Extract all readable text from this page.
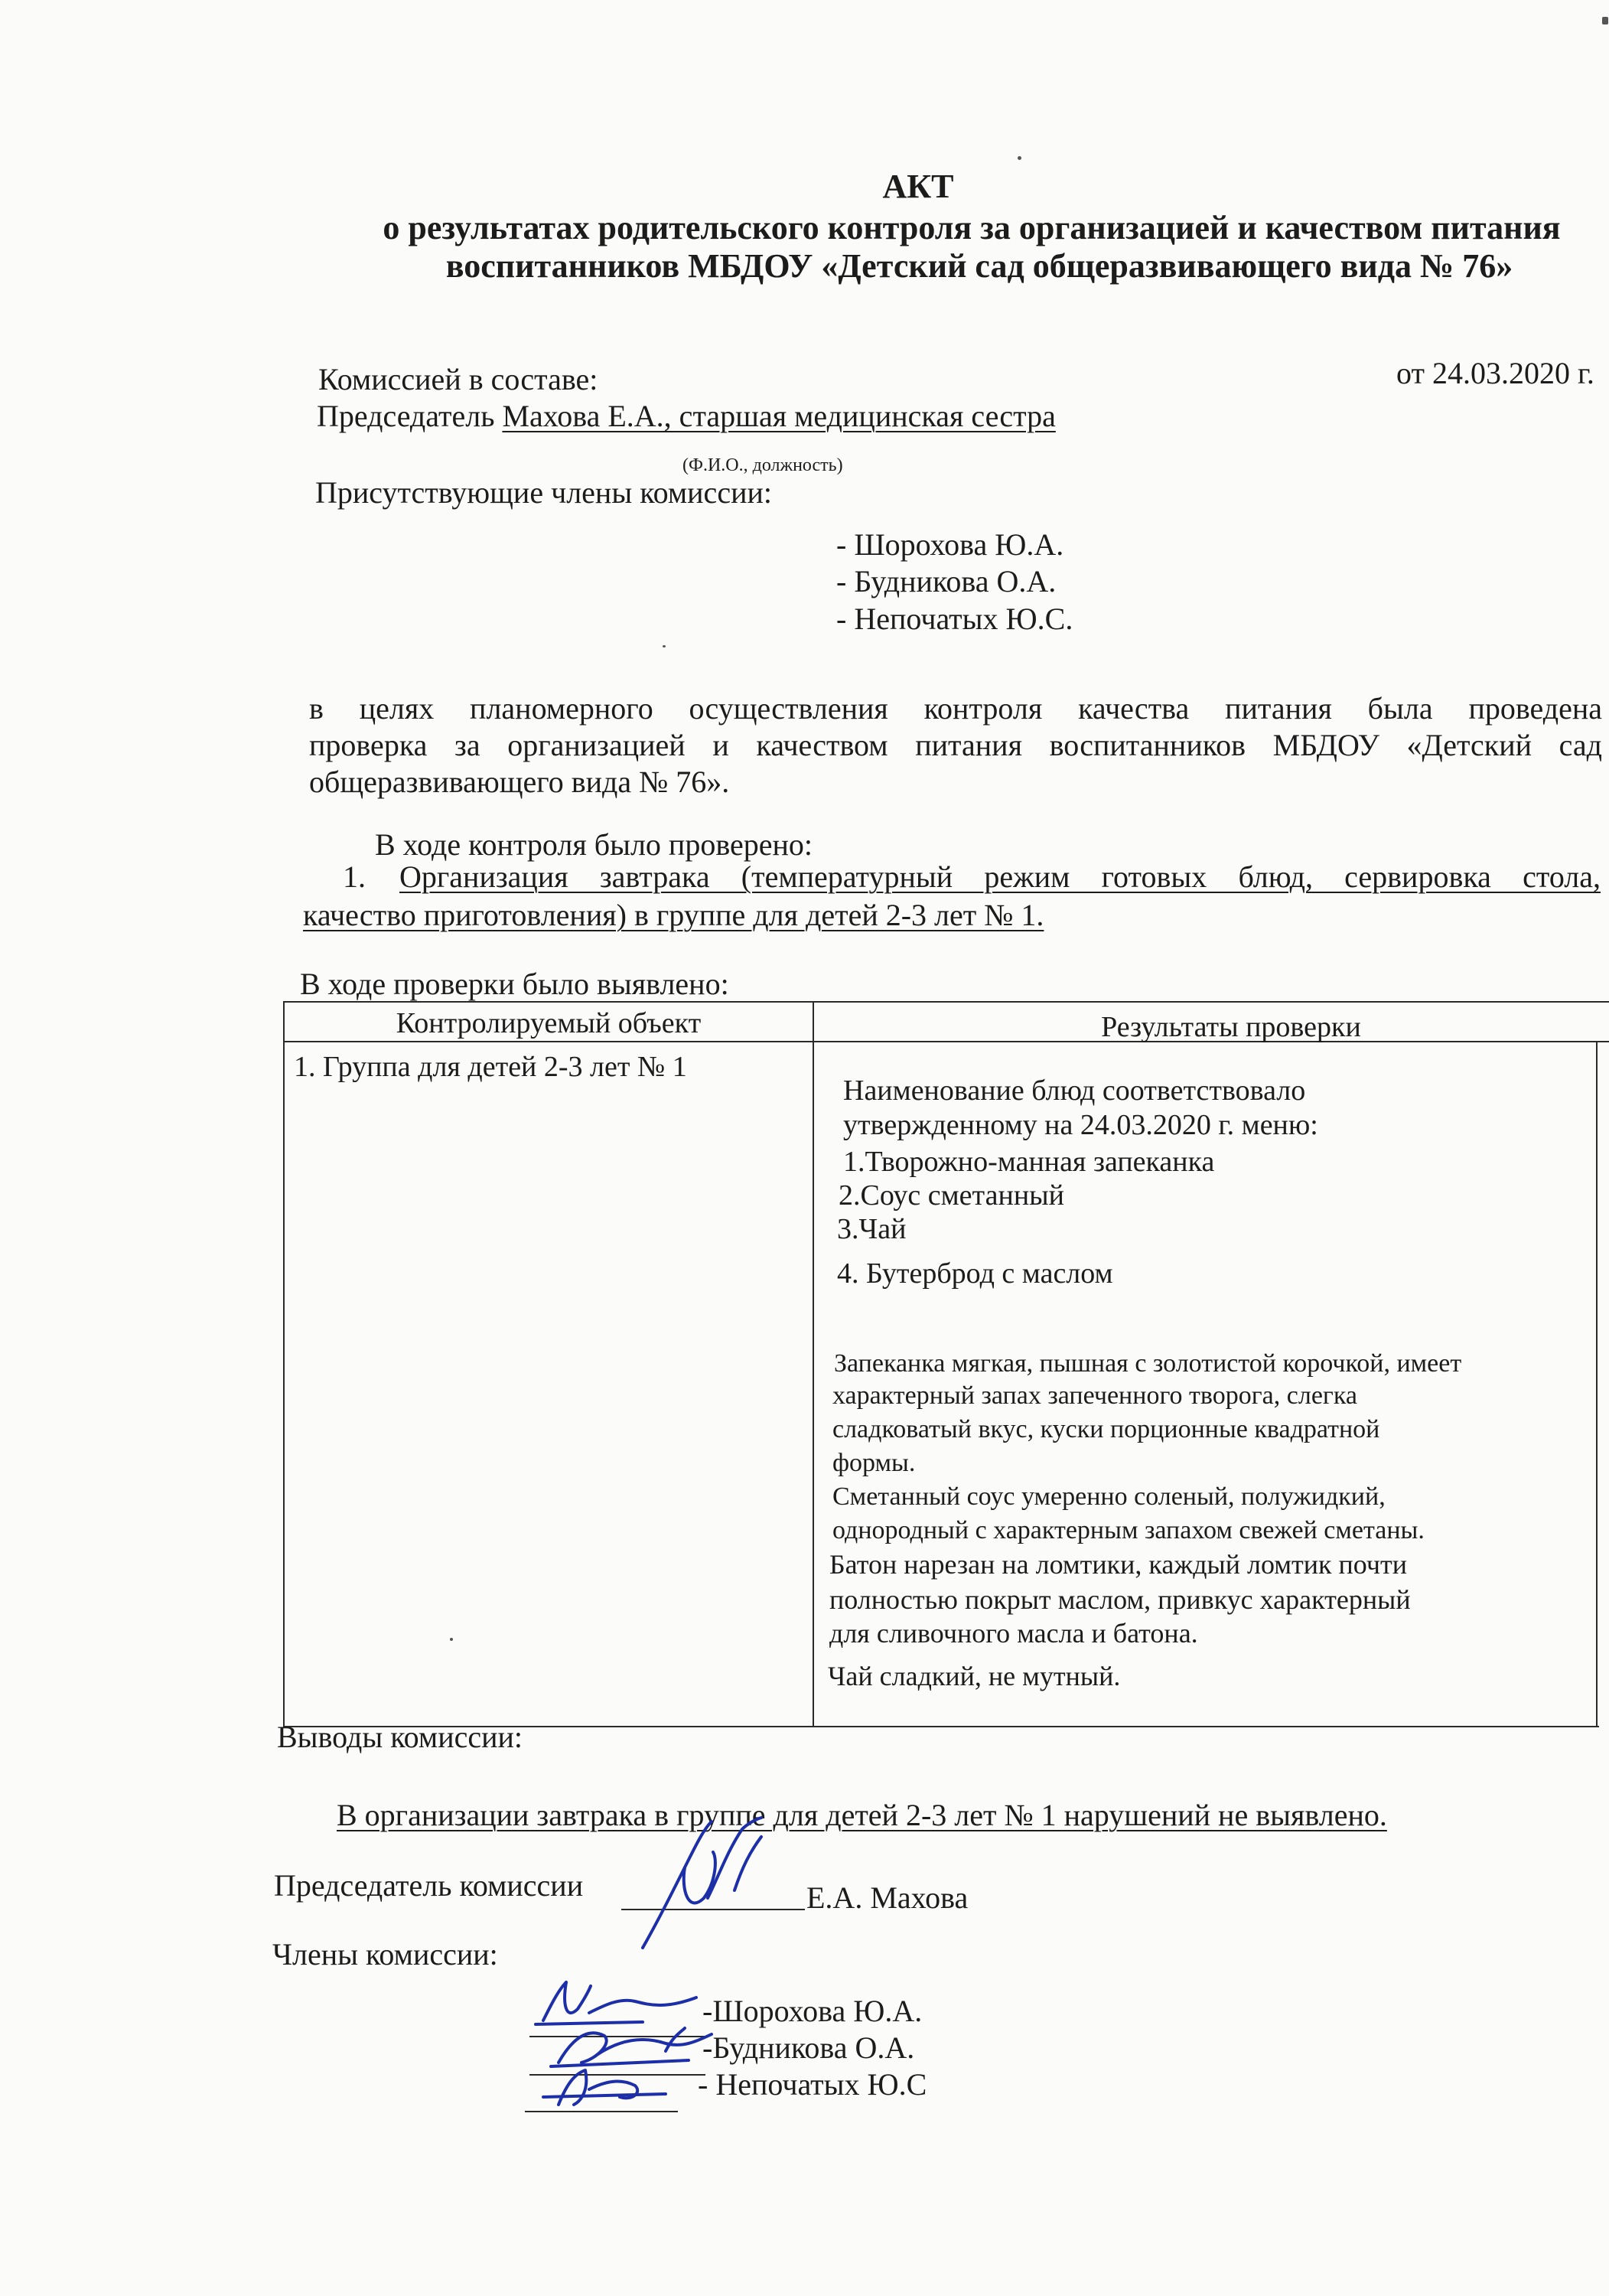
АКТ
о результатах родительского контроля за организацией и качеством питания
воспитанников МБДОУ «Детский сад общеразвивающего вида № 76»
Комиссией в составе:	от 24.03.2020 г.
Председатель Махова Е.А., старшая медицинская сестра
(Ф.И.О., должность)
Присутствующие члены комиссии:
- Шорохова Ю.А.
- Будникова О.А.
- Непочатых Ю.С.
в целях планомерного осуществления контроля качества питания была проведена
проверка за организацией и качеством питания воспитанников МБДОУ «Детский сад
общеразвивающего вида № 76».
В ходе контроля было проверено:
1. Организация завтрака (температурный режим готовых блюд, сервировка стола,
качество приготовления) в группе для детей 2-3 лет № 1.
В ходе проверки было выявлено:
Контролируемый объект	Результаты проверки
1. Группа для детей 2-3 лет № 1
Наименование блюд соответствовало
утвержденному на 24.03.2020 г. меню:
1.Творожно-манная запеканка
2.Соус сметанный
3.Чай
4. Бутерброд с маслом
Запеканка мягкая, пышная с золотистой корочкой, имеет
характерный запах запеченного творога, слегка
сладковатый вкус, куски порционные квадратной
формы.
Сметанный соус умеренно соленый, полужидкий,
однородный с характерным запахом свежей сметаны.
Батон нарезан на ломтики, каждый ломтик почти
полностью покрыт маслом, привкус характерный
для сливочного масла и батона.
Чай сладкий, не мутный.
Выводы комиссии:
В организации завтрака в группе для детей 2-3 лет № 1 нарушений не выявлено.
Председатель комиссии	Е.А. Махова
Члены комиссии:
-Шорохова Ю.А.
-Будникова О.А.
- Непочатых Ю.С
